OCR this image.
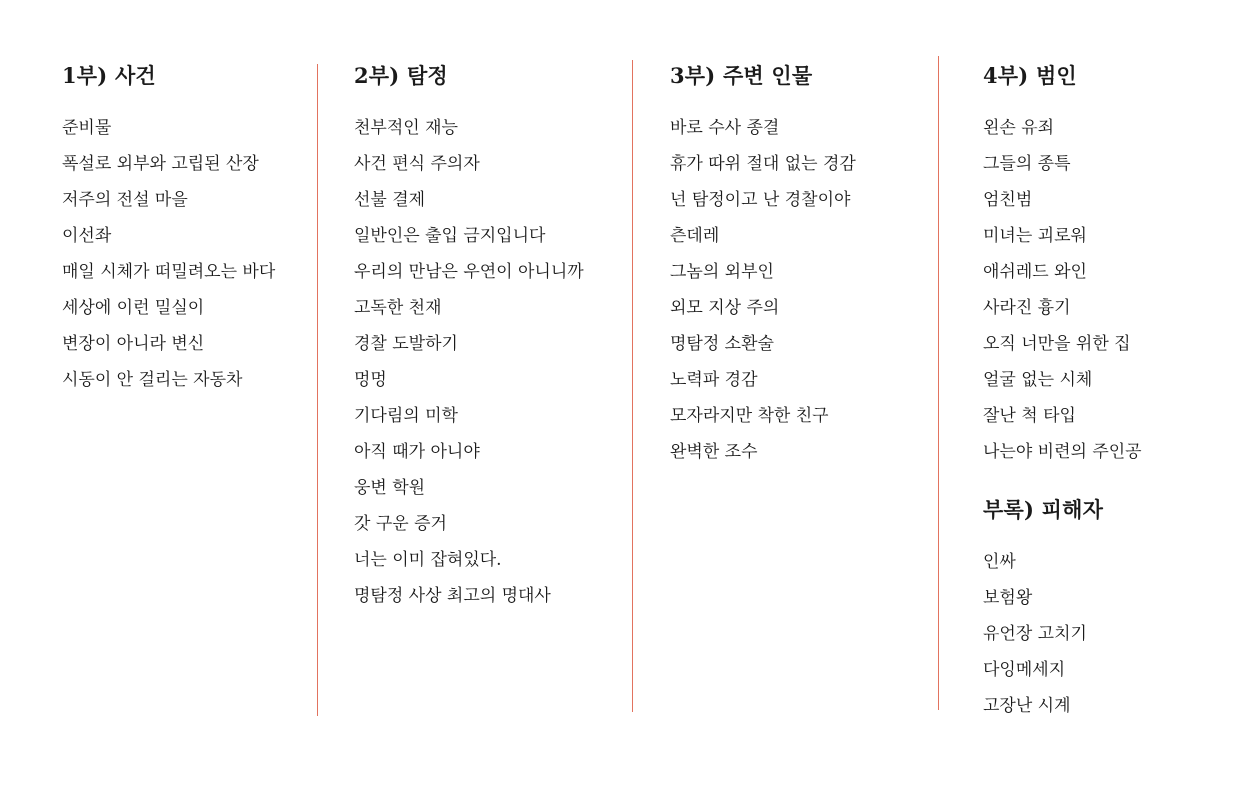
1부) 사건
준비물
폭설로 외부와 고립된 산장
저주의 전설 마을
이선좌
매일 시체가 떠밀려오는 바다
세상에 이런 밀실이
변장이 아니라 변신
시동이 안 걸리는 자동차
2부) 탐정
천부적인 재능
사건 편식 주의자
선불 결제
일반인은 출입 금지입니다
우리의 만남은 우연이 아니니까
고독한 천재
경찰 도발하기
멍멍
기다림의 미학
아직 때가 아니야
웅변 학원
갓 구운 증거
너는 이미 잡혀있다.
명탐정 사상 최고의 명대사
3부) 주변 인물
바로 수사 종결
휴가 따위 절대 없는 경감
넌 탐정이고 난 경찰이야
츤데레
그놈의 외부인
외모 지상 주의
명탐정 소환술
노력파 경감
모자라지만 착한 친구
완벽한 조수
4부) 범인
왼손 유죄
그들의 종특
엄친범
미녀는 괴로워
애쉬레드 와인
사라진 흉기
오직 너만을 위한 집
얼굴 없는 시체
잘난 척 타입
나는야 비련의 주인공
부록) 피해자
인싸
보험왕
유언장 고치기
다잉메세지
고장난 시계
